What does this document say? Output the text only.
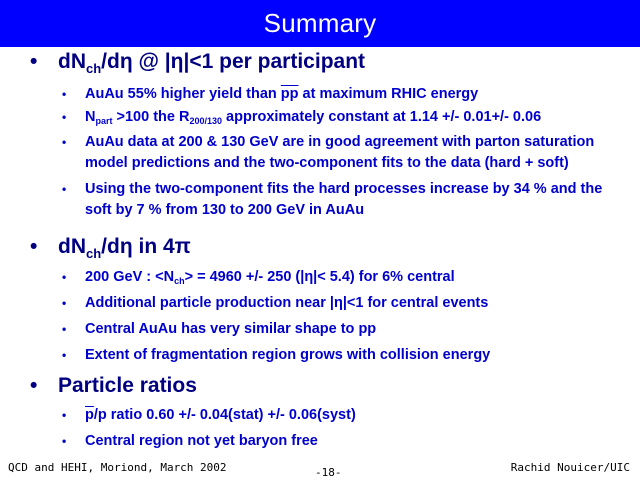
Summary
• $dN_{ch}/d\eta$ @ |η|<1 per participant
• AuAu 55% higher yield than $\overline{pp}$ at maximum RHIC energy
• $N_{part} >100$ the $R_{200/130}$ approximately constant at 1.14 +/- 0.01+/- 0.06
• AuAu data at 200 & 130 GeV are in good agreement with parton saturation model predictions and the two-component fits to the data (hard + soft)
• Using the two-component fits the hard processes increase by 34 % and the soft by 7 % from 130 to 200 GeV in AuAu
• $dN_{ch}/d\eta$ in 4π
• 200 GeV : $<N_{ch}> = 4960$ +/- 250 (|η|< 5.4) for 6% central
• Additional particle production near |η|<1 for central events
• Central AuAu has very similar shape to pp
• Extent of fragmentation region grows with collision energy
• Particle ratios
• $\overline{p}/p$ ratio 0.60 +/- 0.04(stat) +/- 0.06(syst)
• Central region not yet baryon free
QCD and HEHI, Moriond, March 2002	-18-	Rachid Nouicer/UIC
